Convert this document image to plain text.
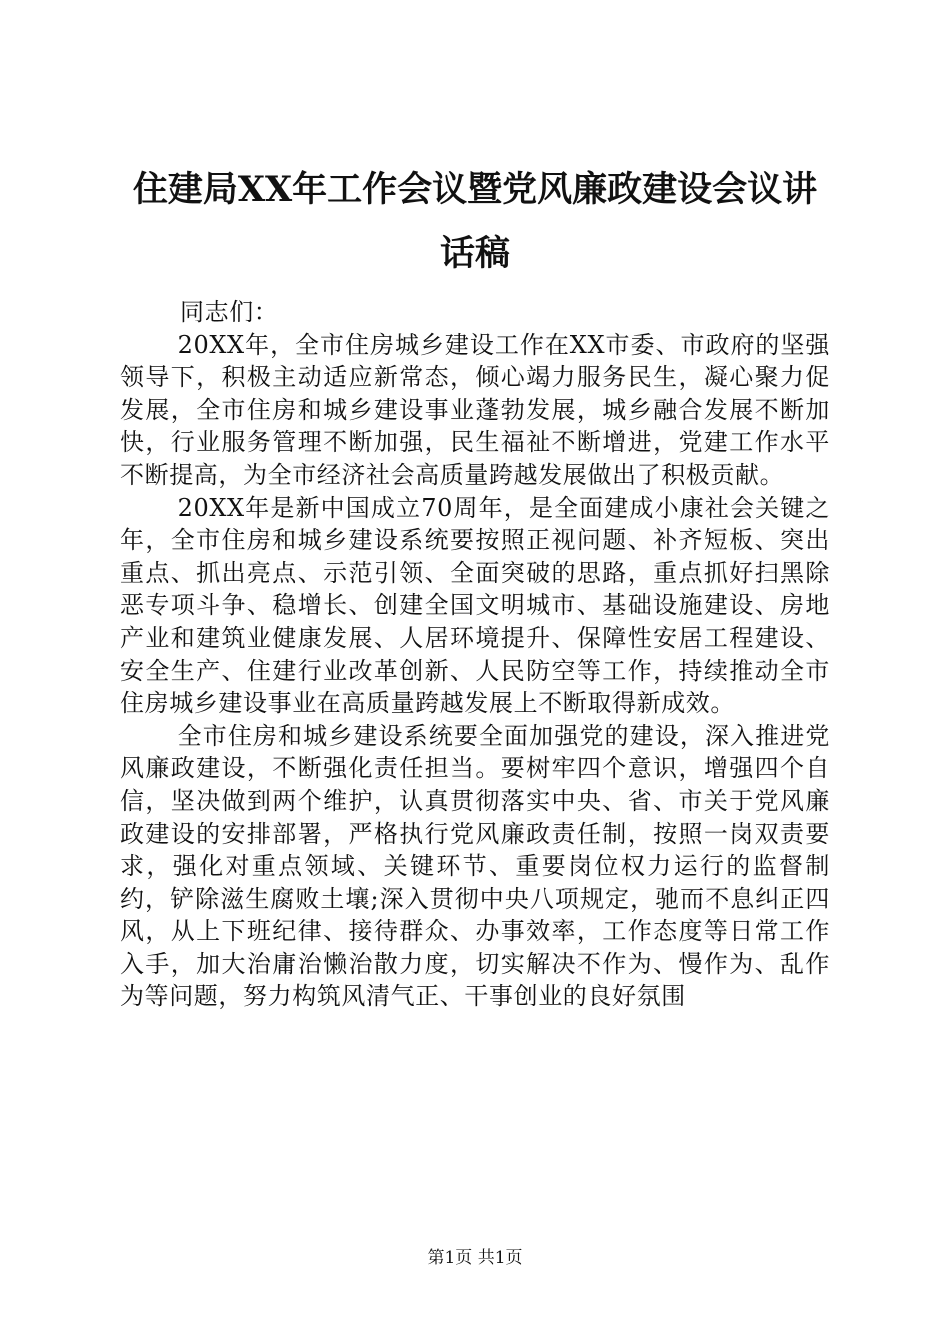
住建局XX年工作会议暨党风廉政建设会议讲话稿

同志们：

20XX年，全市住房城乡建设工作在XX市委、市政府的坚强领导下，积极主动适应新常态，倾心竭力服务民生，凝心聚力促发展，全市住房和城乡建设事业蓬勃发展，城乡融合发展不断加快，行业服务管理不断加强，民生福祉不断增进，党建工作水平不断提高，为全市经济社会高质量跨越发展做出了积极贡献。

20XX年是新中国成立70周年，是全面建成小康社会关键之年，全市住房和城乡建设系统要按照正视问题、补齐短板、突出重点、抓出亮点、示范引领、全面突破的思路，重点抓好扫黑除恶专项斗争、稳增长、创建全国文明城市、基础设施建设、房地产业和建筑业健康发展、人居环境提升、保障性安居工程建设、安全生产、住建行业改革创新、人民防空等工作，持续推动全市住房城乡建设事业在高质量跨越发展上不断取得新成效。

全市住房和城乡建设系统要全面加强党的建设，深入推进党风廉政建设，不断强化责任担当。要树牢四个意识，增强四个自信，坚决做到两个维护，认真贯彻落实中央、省、市关于党风廉政建设的安排部署，严格执行党风廉政责任制，按照一岗双责要求，强化对重点领域、关键环节、重要岗位权力运行的监督制约，铲除滋生腐败土壤;深入贯彻中央八项规定，驰而不息纠正四风，从上下班纪律、接待群众、办事效率，工作态度等日常工作入手，加大治庸治懒治散力度，切实解决不作为、慢作为、乱作为等问题，努力构筑风清气正、干事创业的良好氛围

第1页 共1页
